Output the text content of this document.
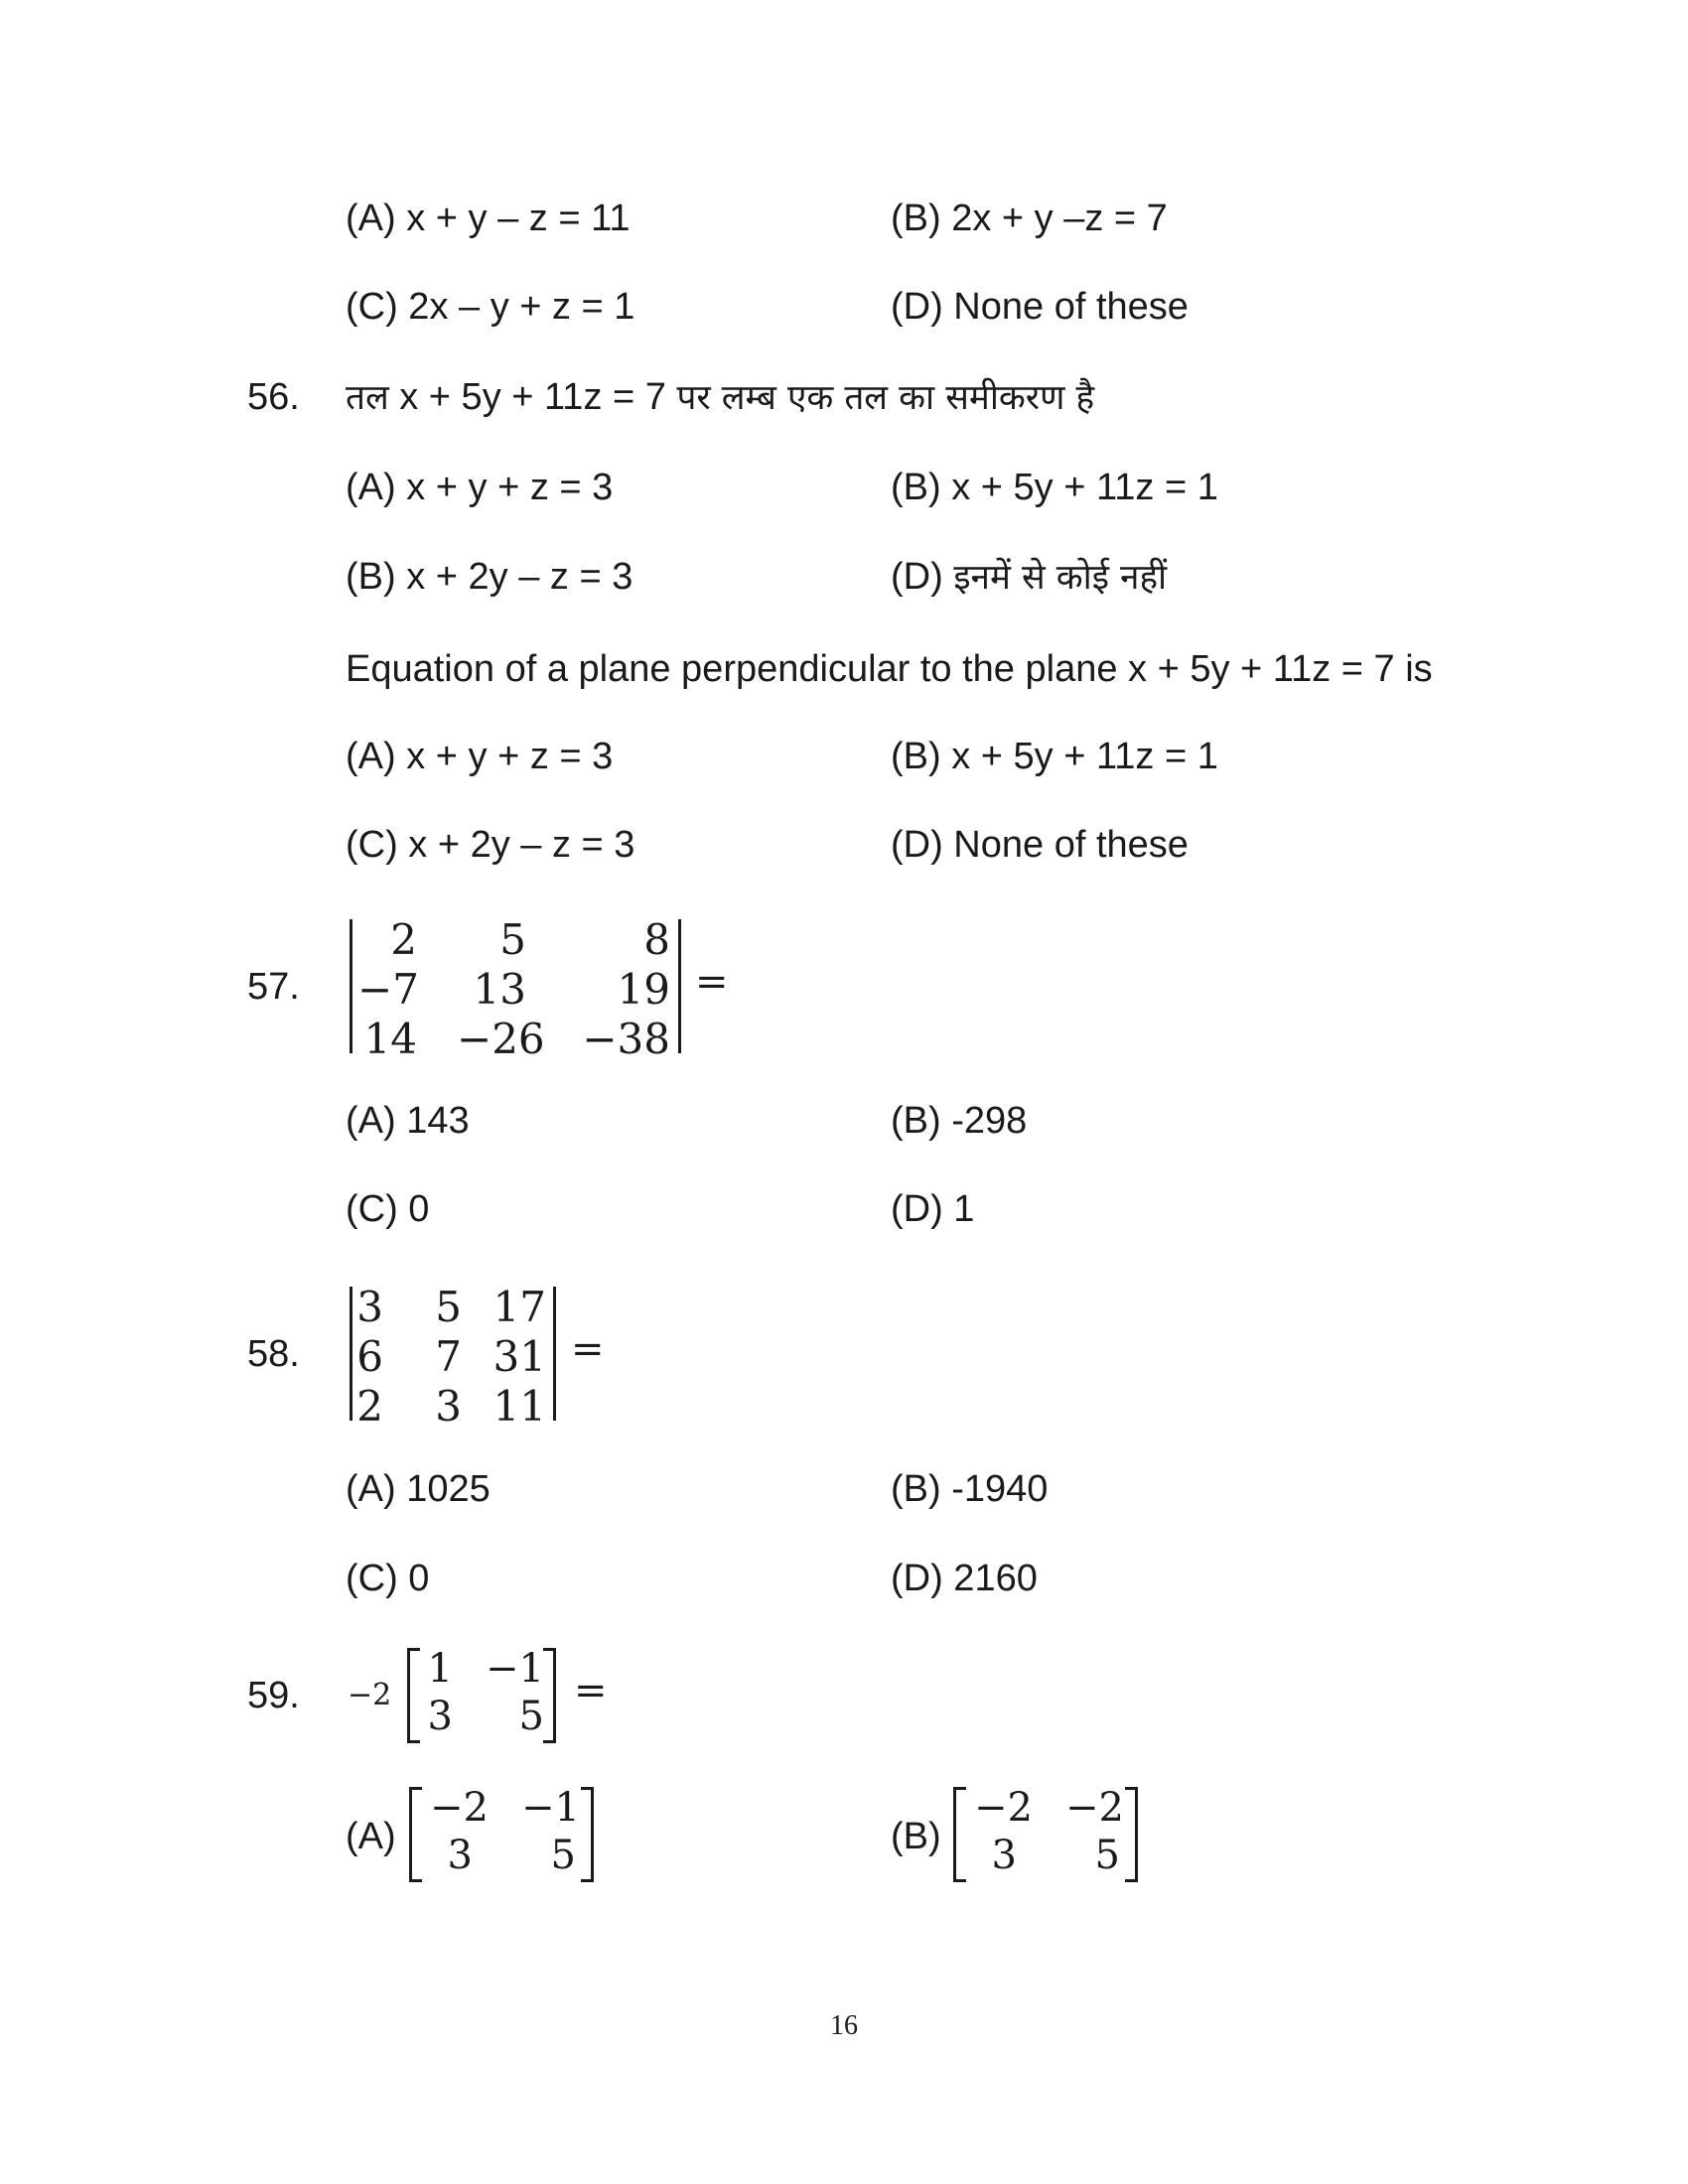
(A) x + y – z = 11	(B) 2x + y –z = 7
(C) 2x – y + z = 1	(D) None of these
56. तल x + 5y + 11z = 7 पर लम्ब एक तल का समीकरण है
(A) x + y + z = 3	(B) x + 5y + 11z = 1
(B) x + 2y – z = 3	(D) इनमें से कोई नहीं
Equation of a plane perpendicular to the plane x + 5y + 11z = 7 is
(A) x + y + z = 3	(B) x + 5y + 11z = 1
(C) x + 2y – z = 3	(D) None of these
57.
2	5	8
−7	13	19
14 −26 −38
=
(A) 143	(B) -298
(C) 0	(D) 1
58.
3	5 17
6	7 31
2	3 11
=
(A) 1025	(B) -1940
(C) 0	(D) 2160
59. −2
1 −1
3	5
=
(A)
−2 −1
3	5	(B)
−2 −2
3	5
16
